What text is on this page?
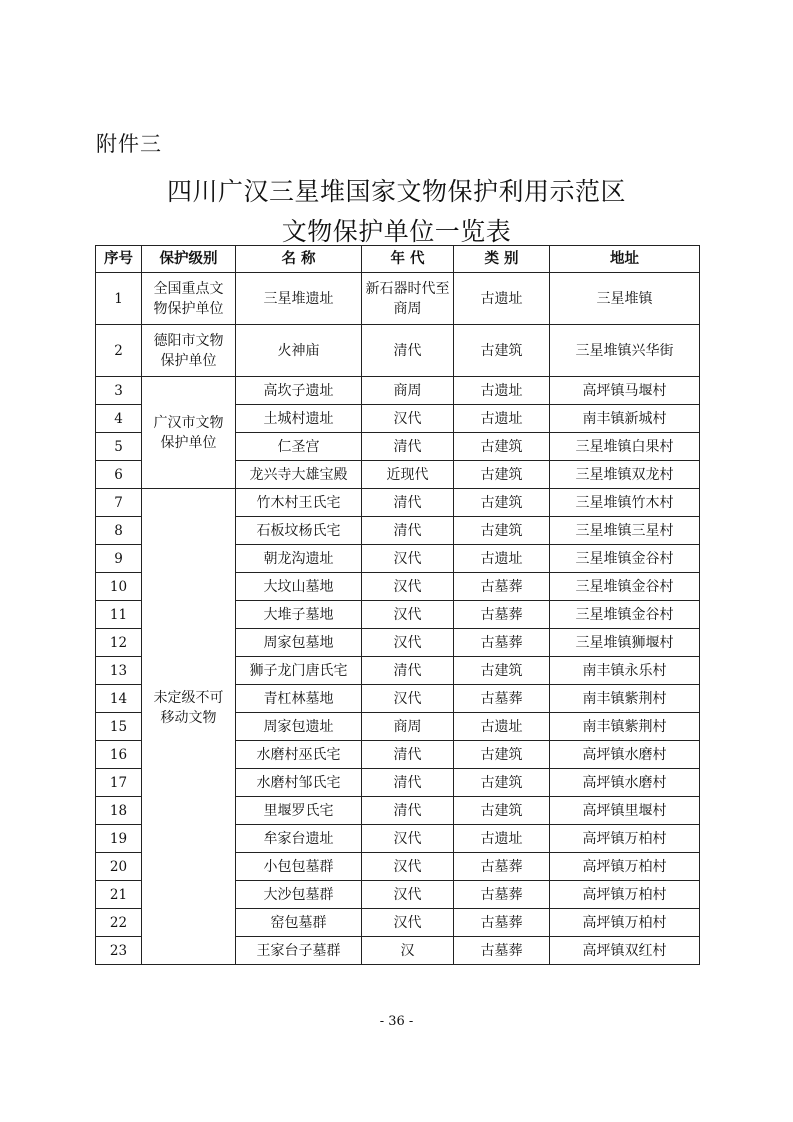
附件三
四川广汉三星堆国家文物保护利用示范区
文物保护单位一览表
序号	保护级别	名 称	年 代	类 别	地址
1	全国重点文物保护单位	三星堆遗址	新石器时代至商周	古遗址	三星堆镇
2	德阳市文物保护单位	火神庙	清代	古建筑	三星堆镇兴华街
3	广汉市文物保护单位	高坎子遗址	商周	古遗址	高坪镇马堰村
4		土城村遗址	汉代	古遗址	南丰镇新城村
5		仁圣宫	清代	古建筑	三星堆镇白果村
6		龙兴寺大雄宝殿	近现代	古建筑	三星堆镇双龙村
7	未定级不可移动文物	竹木村王氏宅	清代	古建筑	三星堆镇竹木村
8		石板坟杨氏宅	清代	古建筑	三星堆镇三星村
9		朝龙沟遗址	汉代	古遗址	三星堆镇金谷村
10		大坟山墓地	汉代	古墓葬	三星堆镇金谷村
11		大堆子墓地	汉代	古墓葬	三星堆镇金谷村
12		周家包墓地	汉代	古墓葬	三星堆镇狮堰村
13		狮子龙门唐氏宅	清代	古建筑	南丰镇永乐村
14		青杠林墓地	汉代	古墓葬	南丰镇紫荆村
15		周家包遗址	商周	古遗址	南丰镇紫荆村
16		水磨村巫氏宅	清代	古建筑	高坪镇水磨村
17		水磨村邹氏宅	清代	古建筑	高坪镇水磨村
18		里堰罗氏宅	清代	古建筑	高坪镇里堰村
19		牟家台遗址	汉代	古遗址	高坪镇万柏村
20		小包包墓群	汉代	古墓葬	高坪镇万柏村
21		大沙包墓群	汉代	古墓葬	高坪镇万柏村
22		窑包墓群	汉代	古墓葬	高坪镇万柏村
23		王家台子墓群	汉	古墓葬	高坪镇双红村
- 36 -
